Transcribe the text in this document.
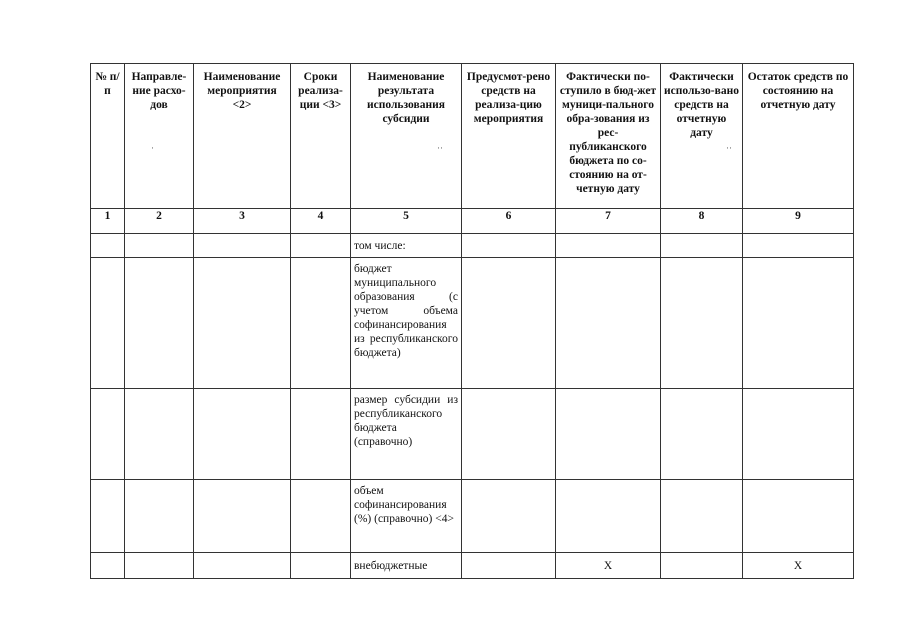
№ п/п	Направле-ние расхо-дов	Наименование мероприятия <2>	Сроки реализа-ции <3>	Наименование результата использования субсидии	Предусмот-рено средств на реализа-цию мероприятия	Фактически по-ступило в бюд-жет муници-пального обра-зования из рес-публиканского бюджета по со-стоянию на от-четную дату	Фактически использо-вано средств на отчетную дату	Остаток средств по состоянию на отчетную дату
1	2	3	4	5	6	7	8	9
				том числе:				
				бюджет муниципального образования (с учетом объема софинансирования из республиканского бюджета)				
				размер субсидии из республиканского бюджета (справочно)				
				объем софинансирования (%) (справочно) <4>				
				внебюджетные		X		X
·	··	··
